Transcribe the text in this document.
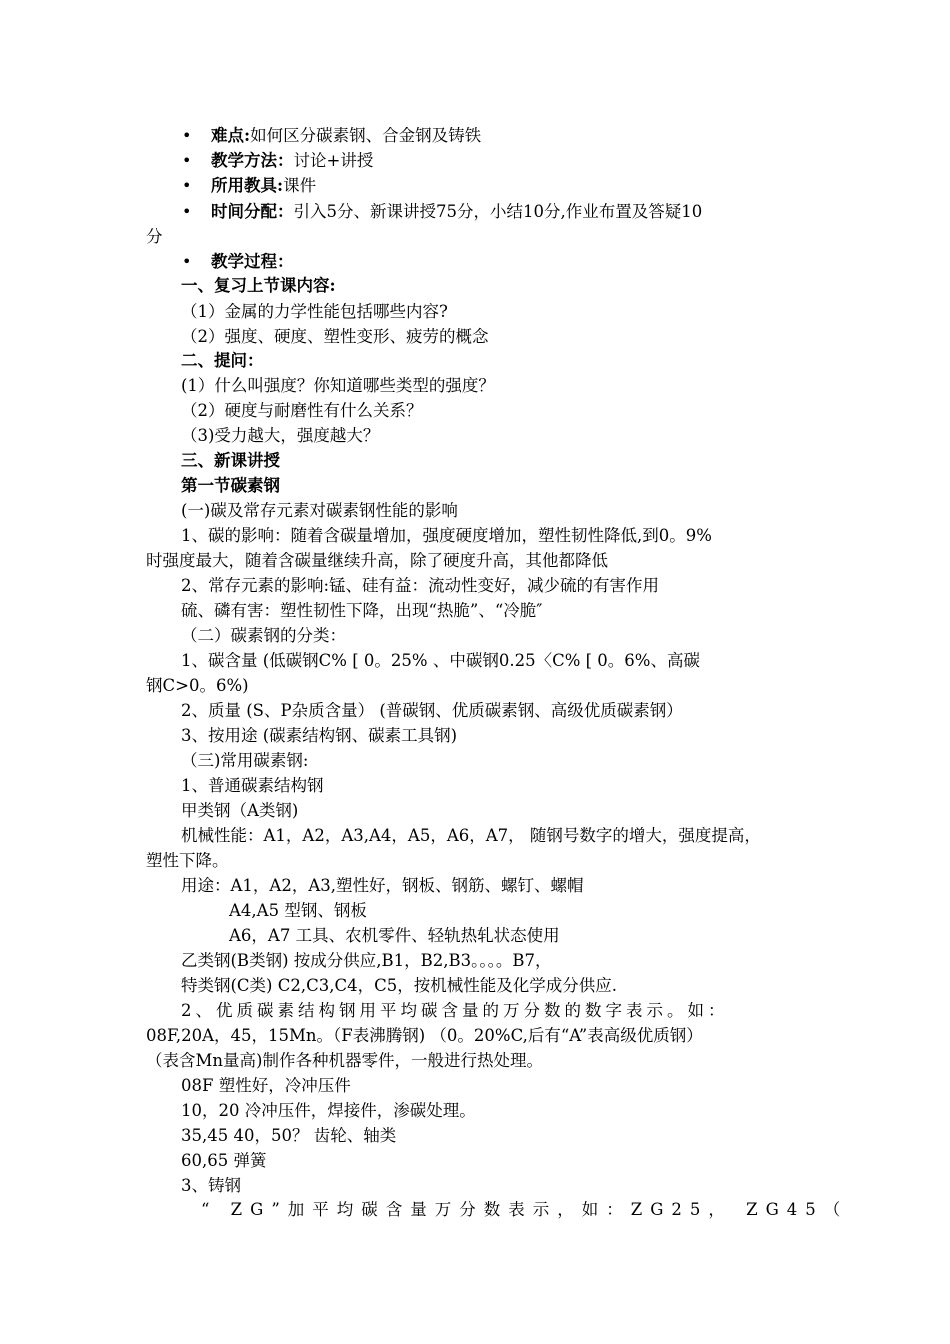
• 难点:如何区分碳素钢、合金钢及铸铁
• 教学方法：讨论+讲授
• 所用教具:课件
• 时间分配：引入5分、新课讲授75分，小结10分,作业布置及答疑10
分
• 教学过程：
一、复习上节课内容:
（1）金属的力学性能包括哪些内容?
（2）强度、硬度、塑性变形、疲劳的概念
二、提问：
(1）什么叫强度？你知道哪些类型的强度？
（2）硬度与耐磨性有什么关系？
（3)受力越大，强度越大？
三、新课讲授
第一节碳素钢
(一)碳及常存元素对碳素钢性能的影响
1、碳的影响：随着含碳量增加，强度硬度增加，塑性韧性降低,到0。9%
时强度最大，随着含碳量继续升高，除了硬度升高，其他都降低
2、常存元素的影响:锰、硅有益：流动性变好，减少硫的有害作用
硫、磷有害：塑性韧性下降，出现“热脆”、“冷脆″
（二）碳素钢的分类：
1、碳含量 (低碳钢C% [ 0。25% 、中碳钢0.25〈C% [ 0。6%、高碳
钢C>0。6%)
2、质量 (S、P杂质含量） (普碳钢、优质碳素钢、高级优质碳素钢）
3、按用途 (碳素结构钢、碳素工具钢)
（三)常用碳素钢:
1、普通碳素结构钢
甲类钢（A类钢)
机械性能：A1，A2，A3,A4，A5，A6，A7， 随钢号数字的增大，强度提高，
塑性下降。
用途：A1，A2，A3,塑性好，钢板、钢筋、螺钉、螺帽
A4,A5 型钢、钢板
A6，A7 工具、农机零件、轻轨热轧状态使用
乙类钢(B类钢) 按成分供应,B1，B2,B3。。。。B7，
特类钢(C类) C2,C3,C4，C5，按机械性能及化学成分供应.
2、优质碳素结构钢用平均碳含量的万分数的数字表示。如：
08F,20A，45，15Mn。（F表沸腾钢) （0。20%C,后有“A”表高级优质钢）
（表含Mn量高)制作各种机器零件，一般进行热处理。
08F 塑性好，冷冲压件
10，20 冷冲压件，焊接件，渗碳处理。
35,45 40，50？ 齿轮、轴类
60,65 弹簧
3、铸钢
“ ZG”加平均碳含量万分数表示，如：ZG25， ZG45（
